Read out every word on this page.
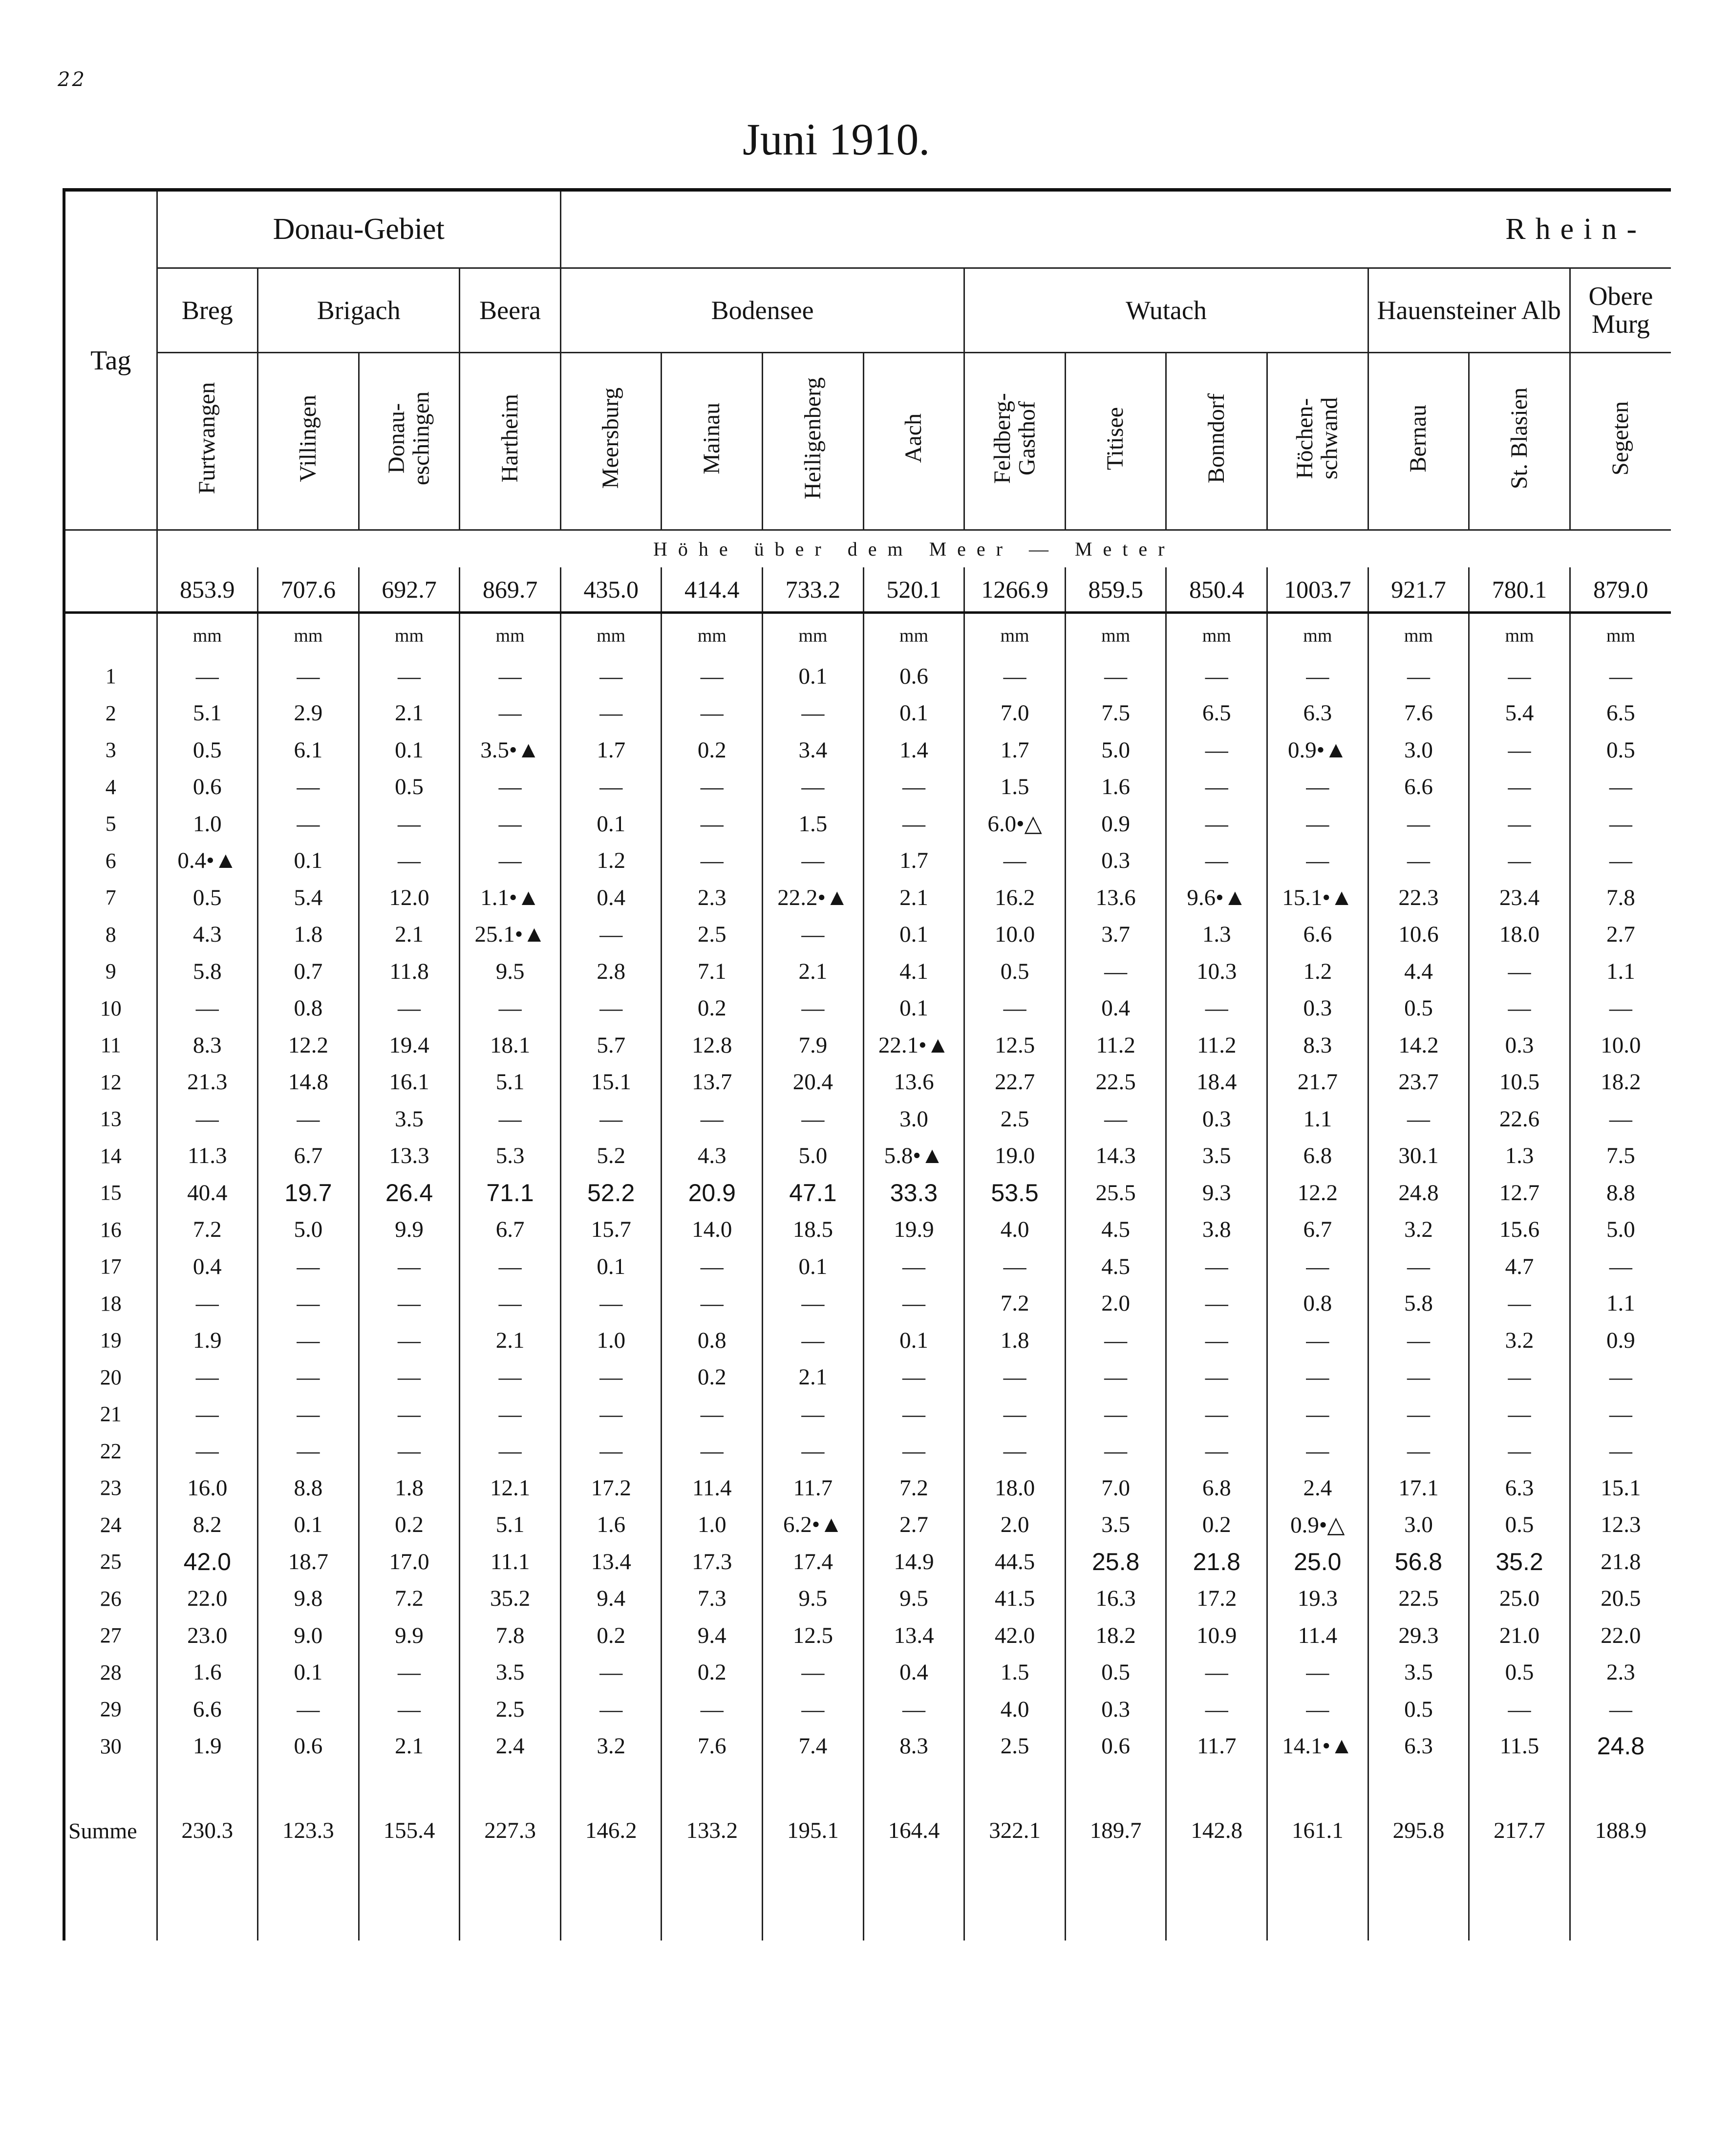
22
Juni 1910.
Tag	Donau-Gebiet				Rhein-										
	Breg	Brigach		Beera	Bodensee				Wutach				Hauensteiner Alb		Obere Murg
	Furtwangen	Villingen	Donau-eschingen	Hartheim	Meersburg	Mainau	Heiligenberg	Aach	Feldberg-Gasthof	Titisee	Bonndorf	Höchen-schwand	Bernau	St. Blasien	Segeten
	Höhe über dem Meer — Meter														
	853.9	707.6	692.7	869.7	435.0	414.4	733.2	520.1	1266.9	859.5	850.4	1003.7	921.7	780.1	879.0
	mm	mm	mm	mm	mm	mm	mm	mm	mm	mm	mm	mm	mm	mm	mm
1	—	—	—	—	—	—	0.1	0.6	—	—	—	—	—	—	—
2	5.1	2.9	2.1	—	—	—	—	0.1	7.0	7.5	6.5	6.3	7.6	5.4	6.5
3	0.5	6.1	0.1	3.5•▲	1.7	0.2	3.4	1.4	1.7	5.0	—	0.9•▲	3.0	—	0.5
4	0.6	—	0.5	—	—	—	—	—	1.5	1.6	—	—	6.6	—	—
5	1.0	—	—	—	0.1	—	1.5	—	6.0•△	0.9	—	—	—	—	—
6	0.4•▲	0.1	—	—	1.2	—	—	1.7	—	0.3	—	—	—	—	—
7	0.5	5.4	12.0	1.1•▲	0.4	2.3	22.2•▲	2.1	16.2	13.6	9.6•▲	15.1•▲	22.3	23.4	7.8
8	4.3	1.8	2.1	25.1•▲	—	2.5	—	0.1	10.0	3.7	1.3	6.6	10.6	18.0	2.7
9	5.8	0.7	11.8	9.5	2.8	7.1	2.1	4.1	0.5	—	10.3	1.2	4.4	—	1.1
10	—	0.8	—	—	—	0.2	—	0.1	—	0.4	—	0.3	0.5	—	—
11	8.3	12.2	19.4	18.1	5.7	12.8	7.9	22.1•▲	12.5	11.2	11.2	8.3	14.2	0.3	10.0
12	21.3	14.8	16.1	5.1	15.1	13.7	20.4	13.6	22.7	22.5	18.4	21.7	23.7	10.5	18.2
13	—	—	3.5	—	—	—	—	3.0	2.5	—	0.3	1.1	—	22.6	—
14	11.3	6.7	13.3	5.3	5.2	4.3	5.0	5.8•▲	19.0	14.3	3.5	6.8	30.1	1.3	7.5
15	40.4	19.7	26.4	71.1	52.2	20.9	47.1	33.3	53.5	25.5	9.3	12.2	24.8	12.7	8.8
16	7.2	5.0	9.9	6.7	15.7	14.0	18.5	19.9	4.0	4.5	3.8	6.7	3.2	15.6	5.0
17	0.4	—	—	—	0.1	—	0.1	—	—	4.5	—	—	—	4.7	—
18	—	—	—	—	—	—	—	—	7.2	2.0	—	0.8	5.8	—	1.1
19	1.9	—	—	2.1	1.0	0.8	—	0.1	1.8	—	—	—	—	3.2	0.9
20	—	—	—	—	—	0.2	2.1	—	—	—	—	—	—	—	—
21	—	—	—	—	—	—	—	—	—	—	—	—	—	—	—
22	—	—	—	—	—	—	—	—	—	—	—	—	—	—	—
23	16.0	8.8	1.8	12.1	17.2	11.4	11.7	7.2	18.0	7.0	6.8	2.4	17.1	6.3	15.1
24	8.2	0.1	0.2	5.1	1.6	1.0	6.2•▲	2.7	2.0	3.5	0.2	0.9•△	3.0	0.5	12.3
25	42.0	18.7	17.0	11.1	13.4	17.3	17.4	14.9	44.5	25.8	21.8	25.0	56.8	35.2	21.8
26	22.0	9.8	7.2	35.2	9.4	7.3	9.5	9.5	41.5	16.3	17.2	19.3	22.5	25.0	20.5
27	23.0	9.0	9.9	7.8	0.2	9.4	12.5	13.4	42.0	18.2	10.9	11.4	29.3	21.0	22.0
28	1.6	0.1	—	3.5	—	0.2	—	0.4	1.5	0.5	—	—	3.5	0.5	2.3
29	6.6	—	—	2.5	—	—	—	—	4.0	0.3	—	—	0.5	—	—
30	1.9	0.6	2.1	2.4	3.2	7.6	7.4	8.3	2.5	0.6	11.7	14.1•▲	6.3	11.5	24.8
Summe	230.3	123.3	155.4	227.3	146.2	133.2	195.1	164.4	322.1	189.7	142.8	161.1	295.8	217.7	188.9
